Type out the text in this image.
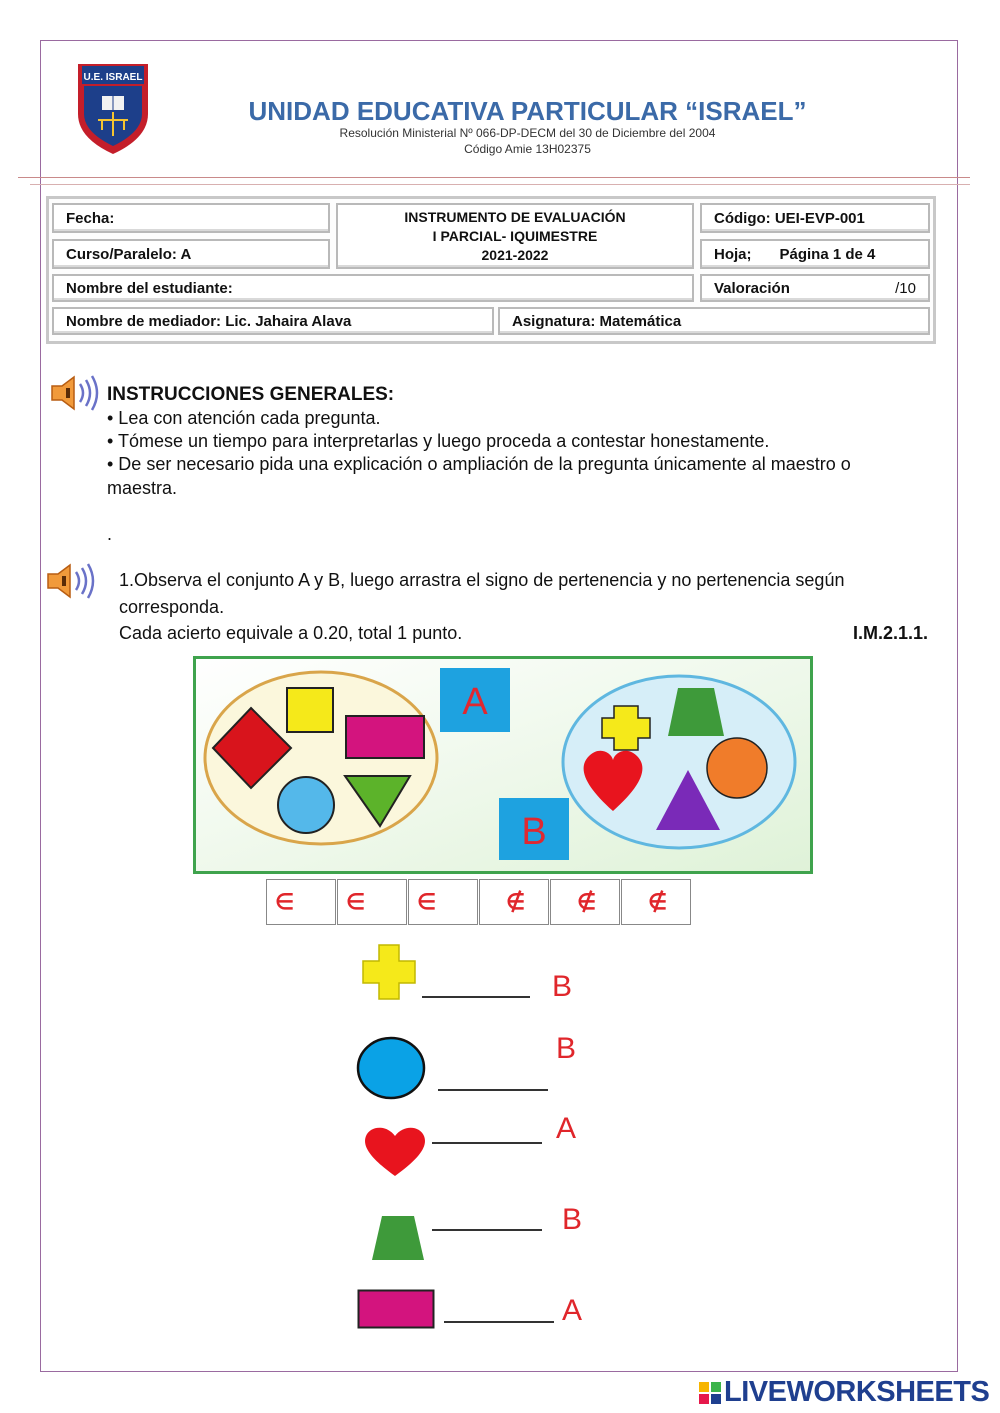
U.E. ISRAEL
UNIDAD EDUCATIVA PARTICULAR “ISRAEL”
Resolución Ministerial Nº 066-DP-DECM del 30 de Diciembre del 2004
Código Amie 13H02375
Fecha:
Curso/Paralelo: A
INSTRUMENTO DE EVALUACIÓN
I PARCIAL- IQUIMESTRE
2021-2022
Código: UEI-EVP-001
Hoja; Página 1 de 4
Nombre del estudiante:	Valoración	/10
Nombre de mediador: Lic. Jahaira Alava	Asignatura: Matemática
INSTRUCCIONES GENERALES:
• Lea con atención cada pregunta.
• Tómese un tiempo para interpretarlas y luego proceda a contestar honestamente.
• De ser necesario pida una explicación o ampliación de la pregunta únicamente al maestro o
maestra.
.
1.Observa el conjunto A y B, luego arrastra el signo de pertenencia y no pertenencia según
corresponda.
Cada acierto equivale a 0.20, total 1 punto.	I.M.2.1.1.
A
B
∈	∈	∈	∉	∉	∉
B
B
A
B
A
LIVEWORKSHEETS
